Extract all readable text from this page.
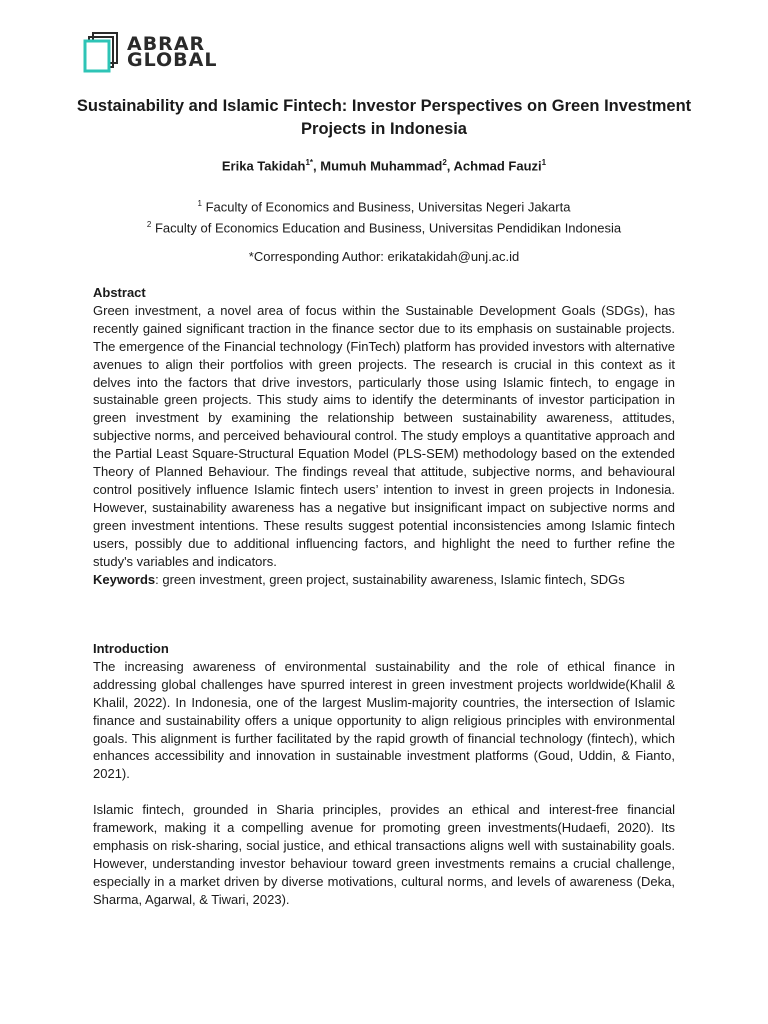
ABRAR
GLOBAL
Sustainability and Islamic Fintech: Investor Perspectives on Green Investment Projects in Indonesia
Erika Takidah$^{1*}$, Mumuh Muhammad$^2$, Achmad Fauzi$^1$
$^1$ Faculty of Economics and Business, Universitas Negeri Jakarta
$^2$ Faculty of Economics Education and Business, Universitas Pendidikan Indonesia
*Corresponding Author: erikatakidah@unj.ac.id
Abstract

Green investment, a novel area of focus within the Sustainable Development Goals (SDGs), has recently gained significant traction in the finance sector due to its emphasis on sustainable projects. The emergence of the Financial technology (FinTech) platform has provided investors with alternative avenues to align their portfolios with green projects. The research is crucial in this context as it delves into the factors that drive investors, particularly those using Islamic fintech, to engage in sustainable green projects. This study aims to identify the determinants of investor participation in green investment by examining the relationship between sustainability awareness, attitudes, subjective norms, and perceived behavioural control. The study employs a quantitative approach and the Partial Least Square-Structural Equation Model (PLS-SEM) methodology based on the extended Theory of Planned Behaviour. The findings reveal that attitude, subjective norms, and behavioural control positively influence Islamic fintech users’ intention to invest in green projects in Indonesia. However, sustainability awareness has a negative but insignificant impact on subjective norms and green investment intentions. These results suggest potential inconsistencies among Islamic fintech users, possibly due to additional influencing factors, and highlight the need to further refine the study's variables and indicators.

Keywords: green investment, green project, sustainability awareness, Islamic fintech, SDGs

Introduction

The increasing awareness of environmental sustainability and the role of ethical finance in addressing global challenges have spurred interest in green investment projects worldwide(Khalil & Khalil, 2022). In Indonesia, one of the largest Muslim-majority countries, the intersection of Islamic finance and sustainability offers a unique opportunity to align religious principles with environmental goals. This alignment is further facilitated by the rapid growth of financial technology (fintech), which enhances accessibility and innovation in sustainable investment platforms (Goud, Uddin, & Fianto, 2021).

Islamic fintech, grounded in Sharia principles, provides an ethical and interest-free financial framework, making it a compelling avenue for promoting green investments(Hudaefi, 2020). Its emphasis on risk-sharing, social justice, and ethical transactions aligns well with sustainability goals. However, understanding investor behaviour toward green investments remains a crucial challenge, especially in a market driven by diverse motivations, cultural norms, and levels of awareness (Deka, Sharma, Agarwal, & Tiwari, 2023).
